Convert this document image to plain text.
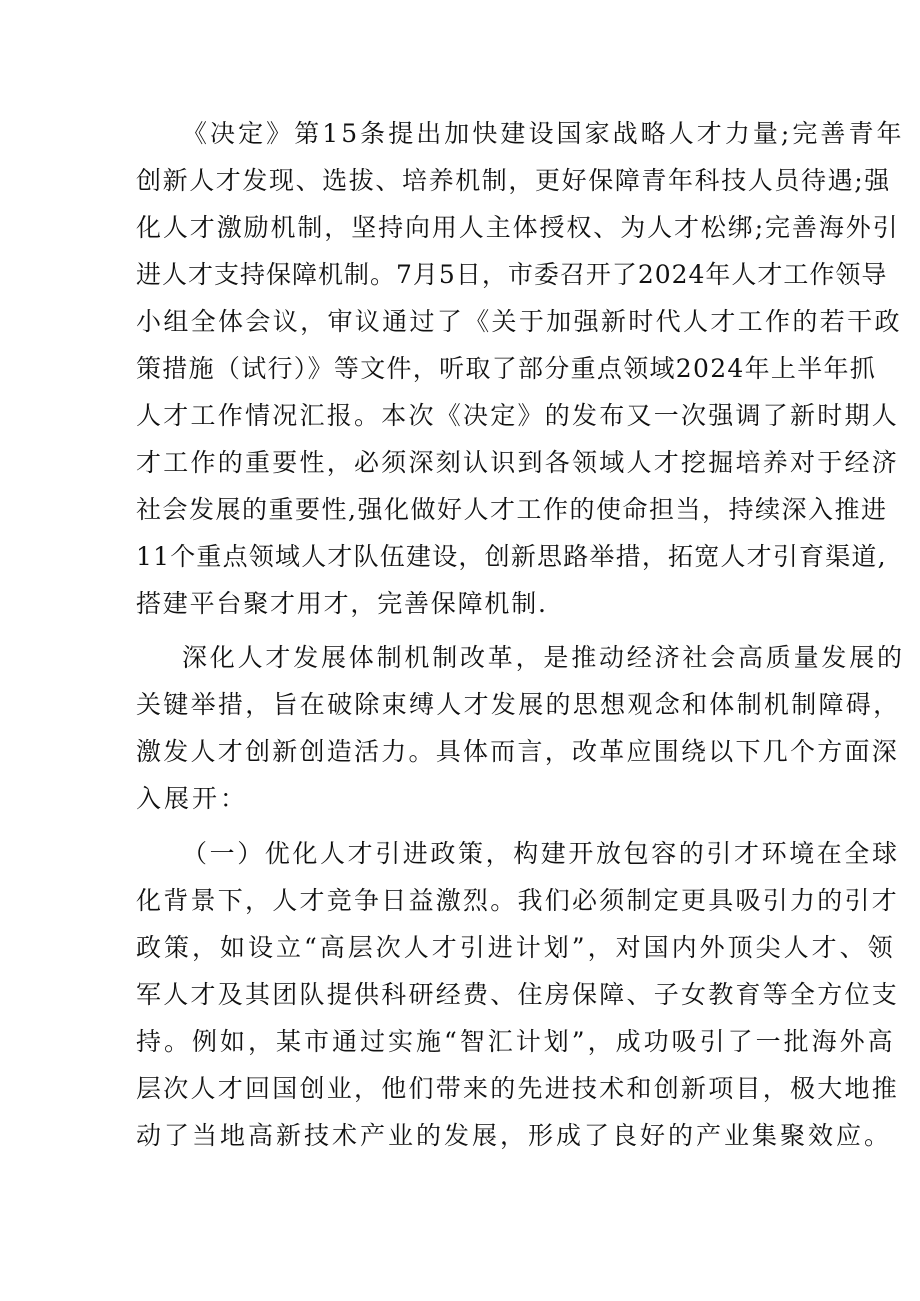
《决定》第15条提出加快建设国家战略人才力量;完善青年
创新人才发现、选拔、培养机制，更好保障青年科技人员待遇;强
化人才激励机制，坚持向用人主体授权、为人才松绑;完善海外引
进人才支持保障机制。7月5日，市委召开了2024年人才工作领导
小组全体会议，审议通过了《关于加强新时代人才工作的若干政
策措施（试行）》等文件，听取了部分重点领域2024年上半年抓
人才工作情况汇报。本次《决定》的发布又一次强调了新时期人
才工作的重要性，必须深刻认识到各领域人才挖掘培养对于经济
社会发展的重要性,强化做好人才工作的使命担当，持续深入推进
11个重点领域人才队伍建设，创新思路举措，拓宽人才引育渠道,
搭建平台聚才用才，完善保障机制.
深化人才发展体制机制改革，是推动经济社会高质量发展的
关键举措，旨在破除束缚人才发展的思想观念和体制机制障碍，
激发人才创新创造活力。具体而言，改革应围绕以下几个方面深
入展开：
（一）优化人才引进政策，构建开放包容的引才环境在全球
化背景下，人才竞争日益激烈。我们必须制定更具吸引力的引才
政策，如设立“高层次人才引进计划”，对国内外顶尖人才、领
军人才及其团队提供科研经费、住房保障、子女教育等全方位支
持。例如，某市通过实施“智汇计划”，成功吸引了一批海外高
层次人才回国创业，他们带来的先进技术和创新项目，极大地推
动了当地高新技术产业的发展，形成了良好的产业集聚效应。
